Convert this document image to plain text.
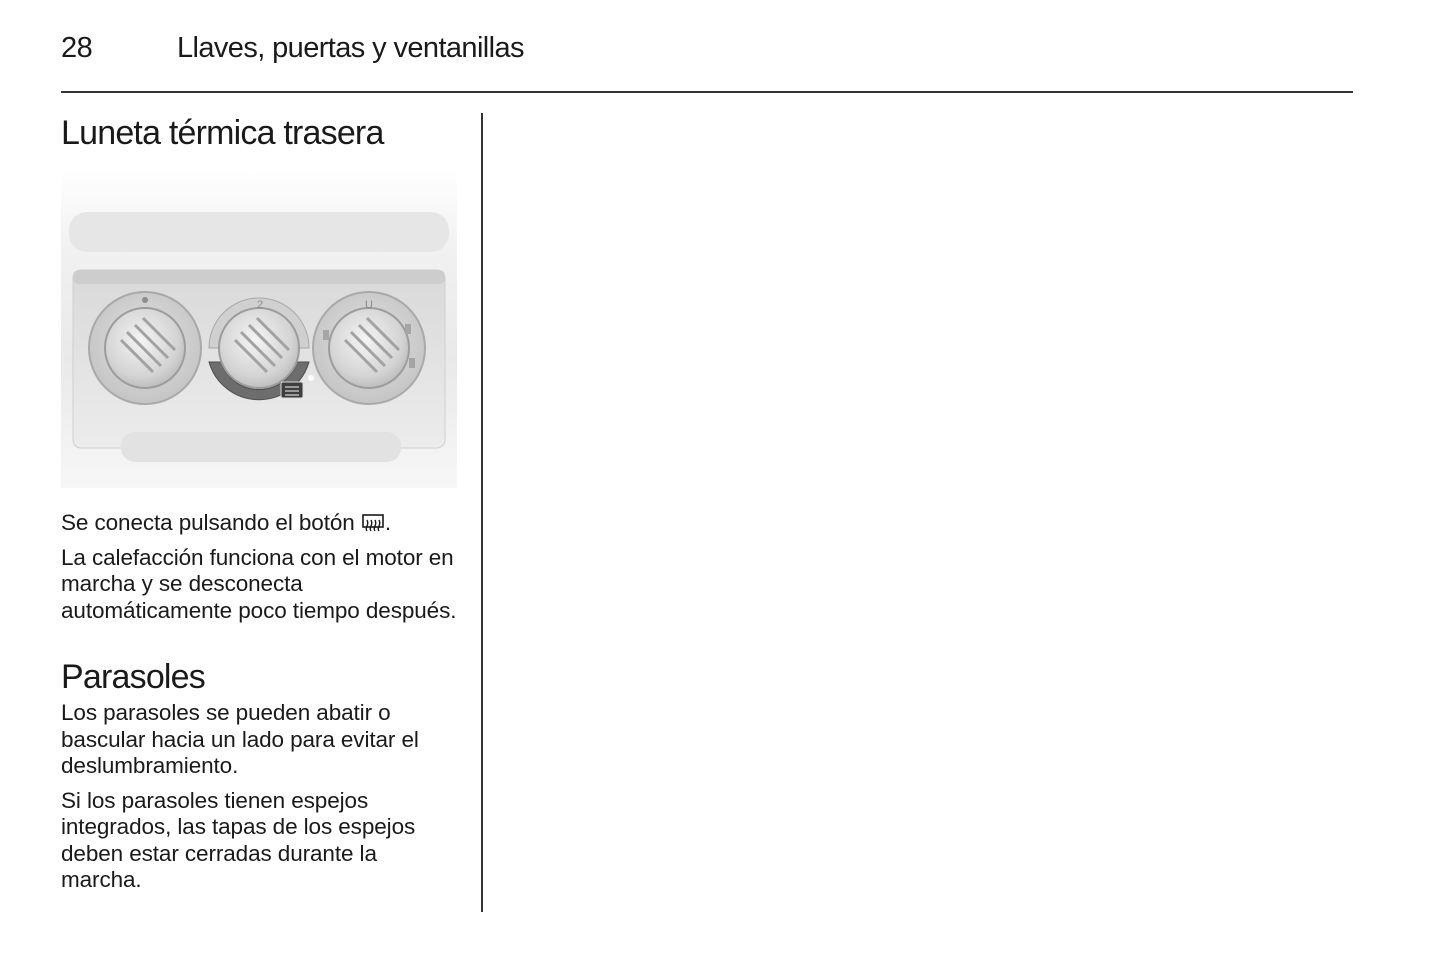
28	Llaves, puertas y ventanillas
Luneta térmica trasera
2	U

Se conecta pulsando el botón .

La calefacción funciona con el motor en marcha y se desconecta automáticamente poco tiempo después.

Parasoles

Los parasoles se pueden abatir o bascular hacia un lado para evitar el deslumbramiento.

Si los parasoles tienen espejos integrados, las tapas de los espejos deben estar cerradas durante la marcha.
